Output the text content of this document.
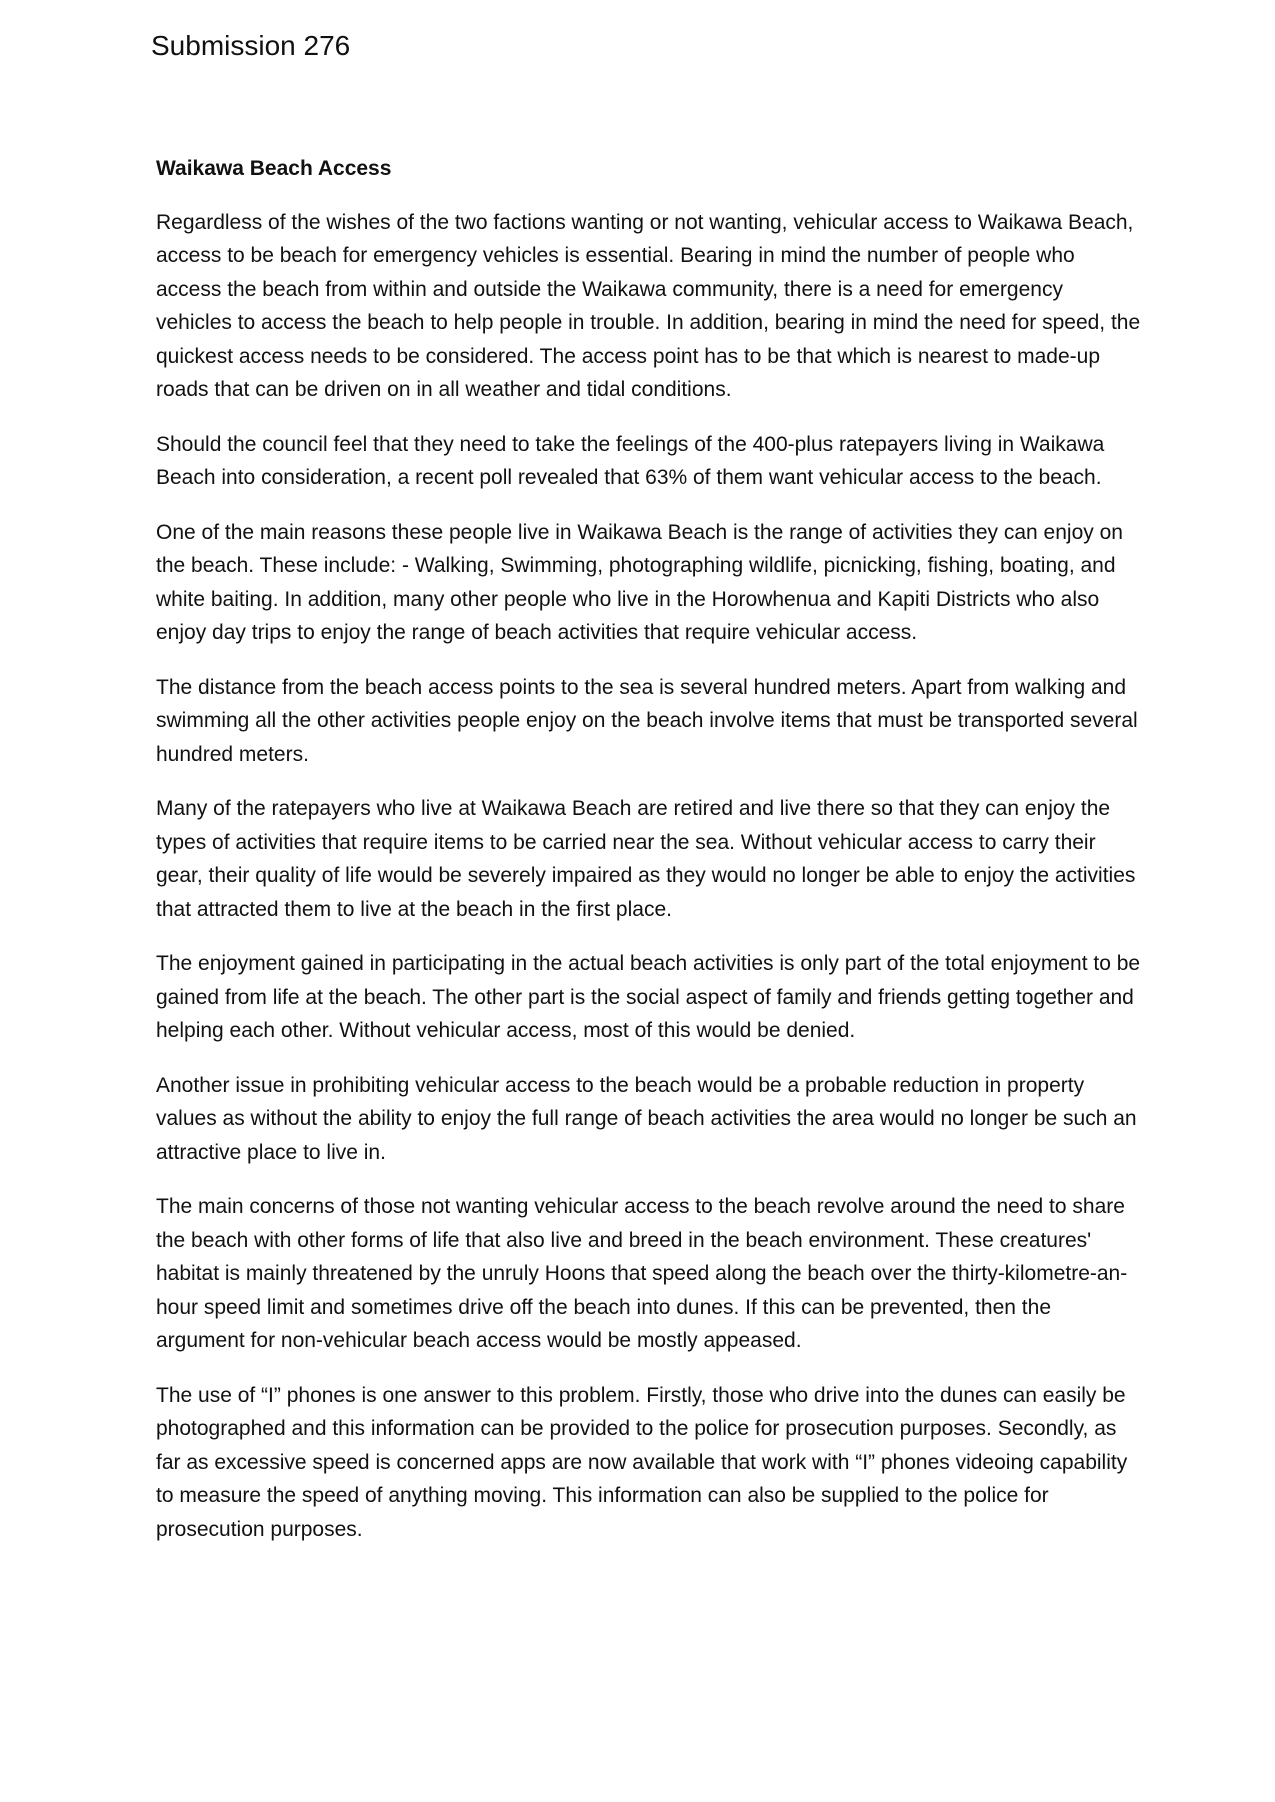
Submission 276
Waikawa Beach Access

Regardless of the wishes of the two factions wanting or not wanting, vehicular access to Waikawa Beach, access to be beach for emergency vehicles is essential. Bearing in mind the number of people who access the beach from within and outside the Waikawa community, there is a need for emergency vehicles to access the beach to help people in trouble. In addition, bearing in mind the need for speed, the quickest access needs to be considered. The access point has to be that which is nearest to made-up roads that can be driven on in all weather and tidal conditions.

Should the council feel that they need to take the feelings of the 400-plus ratepayers living in Waikawa Beach into consideration, a recent poll revealed that 63% of them want vehicular access to the beach.

One of the main reasons these people live in Waikawa Beach is the range of activities they can enjoy on the beach. These include: - Walking, Swimming, photographing wildlife, picnicking, fishing, boating, and white baiting. In addition, many other people who live in the Horowhenua and Kapiti Districts who also enjoy day trips to enjoy the range of beach activities that require vehicular access.

The distance from the beach access points to the sea is several hundred meters. Apart from walking and swimming all the other activities people enjoy on the beach involve items that must be transported several hundred meters.

Many of the ratepayers who live at Waikawa Beach are retired and live there so that they can enjoy the types of activities that require items to be carried near the sea. Without vehicular access to carry their gear, their quality of life would be severely impaired as they would no longer be able to enjoy the activities that attracted them to live at the beach in the first place.

The enjoyment gained in participating in the actual beach activities is only part of the total enjoyment to be gained from life at the beach. The other part is the social aspect of family and friends getting together and helping each other. Without vehicular access, most of this would be denied.

Another issue in prohibiting vehicular access to the beach would be a probable reduction in property values as without the ability to enjoy the full range of beach activities the area would no longer be such an attractive place to live in.

The main concerns of those not wanting vehicular access to the beach revolve around the need to share the beach with other forms of life that also live and breed in the beach environment. These creatures' habitat is mainly threatened by the unruly Hoons that speed along the beach over the thirty-kilometre-an-hour speed limit and sometimes drive off the beach into dunes. If this can be prevented, then the argument for non-vehicular beach access would be mostly appeased.

The use of “I” phones is one answer to this problem. Firstly, those who drive into the dunes can easily be photographed and this information can be provided to the police for prosecution purposes. Secondly, as far as excessive speed is concerned apps are now available that work with “I” phones videoing capability to measure the speed of anything moving. This information can also be supplied to the police for prosecution purposes.
